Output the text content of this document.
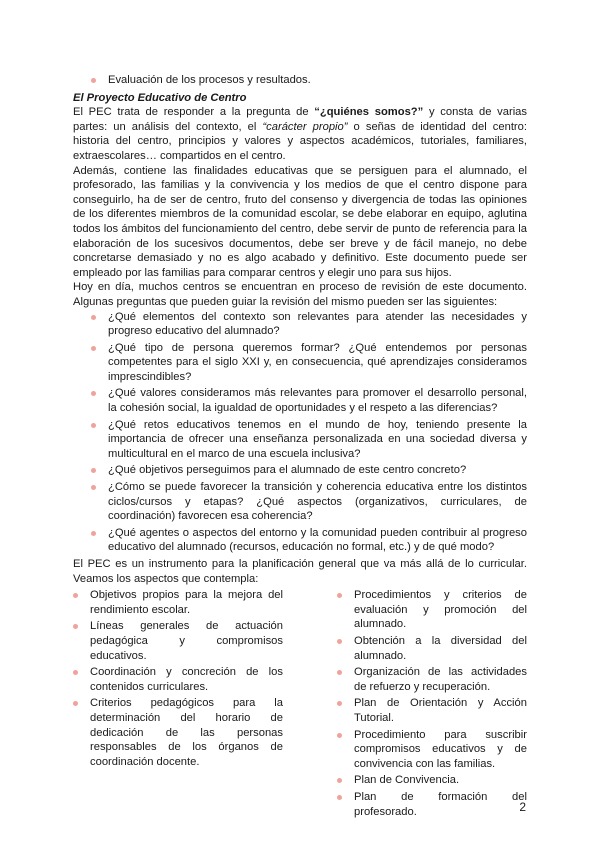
Evaluación de los procesos y resultados.

El Proyecto Educativo de Centro

El PEC trata de responder a la pregunta de “¿quiénes somos?” y consta de varias partes: un análisis del contexto, el “carácter propio” o señas de identidad del centro: historia del centro, principios y valores y aspectos académicos, tutoriales, familiares, extraescolares… compartidos en el centro.

Además, contiene las finalidades educativas que se persiguen para el alumnado, el profesorado, las familias y la convivencia y los medios de que el centro dispone para conseguirlo, ha de ser de centro, fruto del consenso y divergencia de todas las opiniones de los diferentes miembros de la comunidad escolar, se debe elaborar en equipo, aglutina todos los ámbitos del funcionamiento del centro, debe servir de punto de referencia para la elaboración de los sucesivos documentos, debe ser breve y de fácil manejo, no debe concretarse demasiado y no es algo acabado y definitivo. Este documento puede ser empleado por las familias para comparar centros y elegir uno para sus hijos.

Hoy en día, muchos centros se encuentran en proceso de revisión de este documento. Algunas preguntas que pueden guiar la revisión del mismo pueden ser las siguientes:

¿Qué elementos del contexto son relevantes para atender las necesidades y progreso educativo del alumnado?
¿Qué tipo de persona queremos formar? ¿Qué entendemos por personas competentes para el siglo XXI y, en consecuencia, qué aprendizajes consideramos imprescindibles?
¿Qué valores consideramos más relevantes para promover el desarrollo personal, la cohesión social, la igualdad de oportunidades y el respeto a las diferencias?
¿Qué retos educativos tenemos en el mundo de hoy, teniendo presente la importancia de ofrecer una enseñanza personalizada en una sociedad diversa y multicultural en el marco de una escuela inclusiva?
¿Qué objetivos perseguimos para el alumnado de este centro concreto?
¿Cómo se puede favorecer la transición y coherencia educativa entre los distintos ciclos/cursos y etapas? ¿Qué aspectos (organizativos, curriculares, de coordinación) favorecen esa coherencia?
¿Qué agentes o aspectos del entorno y la comunidad pueden contribuir al progreso educativo del alumnado (recursos, educación no formal, etc.) y de qué modo?

El PEC es un instrumento para la planificación general que va más allá de lo curricular. Veamos los aspectos que contempla:

Objetivos propios para la mejora del rendimiento escolar.
Líneas generales de actuación pedagógica y compromisos educativos.
Coordinación y concreción de los contenidos curriculares.
Criterios pedagógicos para la determinación del horario de dedicación de las personas responsables de los órganos de coordinación docente.
Procedimientos y criterios de evaluación y promoción del alumnado.
Obtención a la diversidad del alumnado.
Organización de las actividades de refuerzo y recuperación.
Plan de Orientación y Acción Tutorial.
Procedimiento para suscribir compromisos educativos y de convivencia con las familias.
Plan de Convivencia.
Plan de formación del profesorado.	2
